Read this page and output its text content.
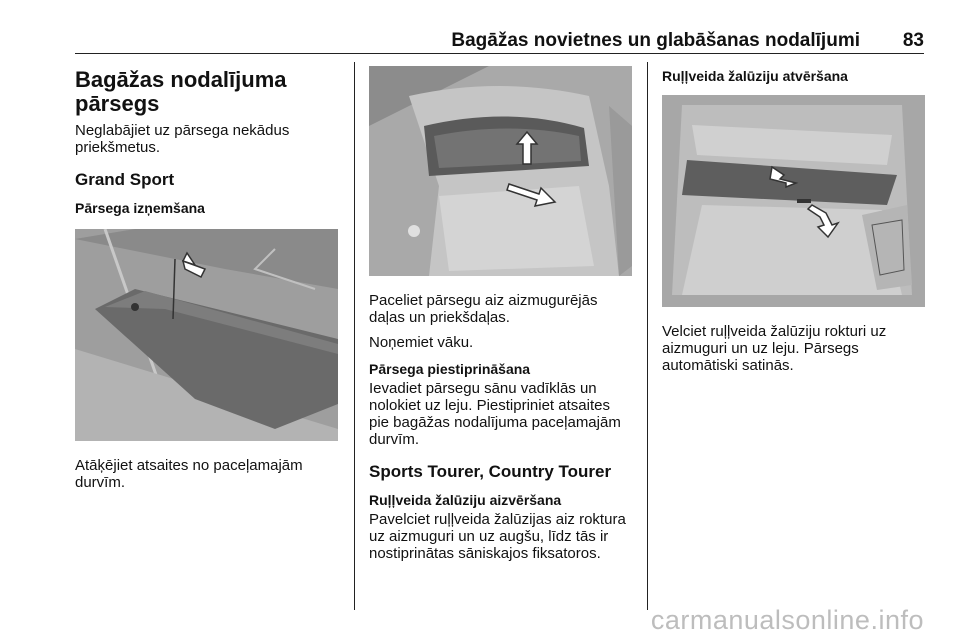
Bagāžas novietnes un glabāšanas nodalījumi 83
Bagāžas nodalījuma pārsegs

Neglabājiet uz pārsega nekādus priekšmetus.

Grand Sport
Pārsega izņemšana

Atāķējiet atsaites no paceļamajām durvīm.

Paceliet pārsegu aiz aizmugurējās daļas un priekšdaļas.

Noņemiet vāku.

Pārsega piestiprināšana

Ievadiet pārsegu sānu vadīklās un nolokiet uz leju. Piestipriniet atsaites pie bagāžas nodalījuma paceļamajām durvīm.

Sports Tourer, Country Tourer
Ruļļveida žalūziju aizvēršana

Pavelciet ruļļveida žalūzijas aiz roktura uz aizmuguri un uz augšu, līdz tās ir nostiprinātas sāniskajos fiksatoros.

Ruļļveida žalūziju atvēršana

Velciet ruļļveida žalūziju rokturi uz aizmuguri un uz leju. Pārsegs automātiski satinās.

carmanualsonline.info
